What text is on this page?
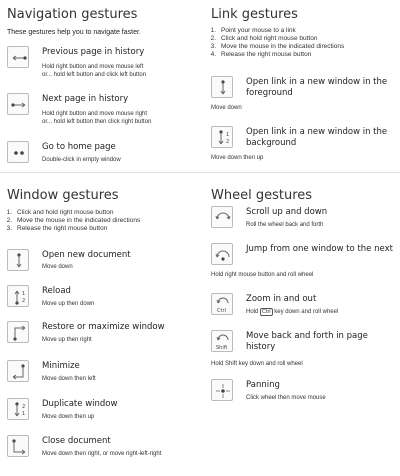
Navigation gestures
These gestures help you to navigate faster.
Previous page in history
Hold right button and move mouse left
or... hold left button and click left button
Next page in history
Hold right button and move mouse right
or... hold left button then click right button
Go to home page
Double-click in empty window
Link gestures
1. Point your mouse to a link
2. Click and hold right mouse button
3. Move the mouse in the indicated directions
4. Release the right mouse button
Open link in a new window in the foreground
Move down
1
2
Open link in a new window in the background
Move down then up
Window gestures
1. Click and hold right mouse button
2. Move the mouse in the indicated directions
3. Release the right mouse button
Open new document
Move down
1
2
Reload
Move up then down
Restore or maximize window
Move up then right
Minimize
Move down then left
2
1
Duplicate window
Move down then up
Close document
Move down then right, or move right-left-right
Wheel gestures
Scroll up and down
Roll the wheel back and forth
Jump from one window to the next
Hold right mouse button and roll wheel
Ctrl
Zoom in and out
Hold Ctrl key down and roll wheel
Shift
Move back and forth in page history
Hold Shift key down and roll wheel
Panning
Click wheel then move mouse
